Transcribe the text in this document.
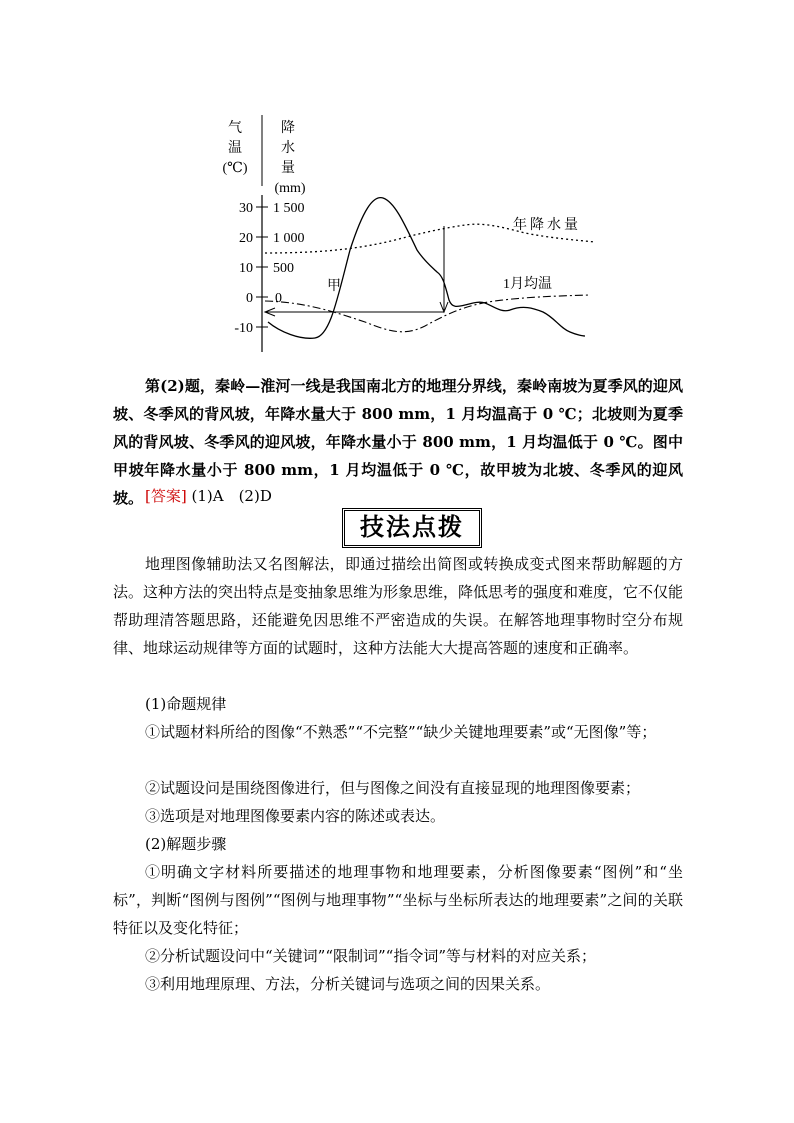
气
温
(℃)
降
水
量
(mm)
30
20
10
0
-10
1 500
1 000
500
0
年降水量
1月均温
甲
第(2)题，秦岭—淮河一线是我国南北方的地理分界线，秦岭南坡为夏季风的迎风坡、冬季风的背风坡，年降水量大于 800 mm，1 月均温高于 0 ℃；北坡则为夏季风的背风坡、冬季风的迎风坡，年降水量小于 800 mm，1 月均温低于 0 ℃。图中甲坡年降水量小于 800 mm，1 月均温低于 0 ℃，故甲坡为北坡、冬季风的迎风坡。 [答案] (1)A　(2)D
技法点拨
地理图像辅助法又名图解法，即通过描绘出简图或转换成变式图来帮助解题的方法。这种方法的突出特点是变抽象思维为形象思维，降低思考的强度和难度，它不仅能帮助理清答题思路，还能避免因思维不严密造成的失误。在解答地理事物时空分布规律、地球运动规律等方面的试题时，这种方法能大大提高答题的速度和正确率。
(1)命题规律
①试题材料所给的图像“不熟悉”“不完整”“缺少关键地理要素”或“无图像”等；
②试题设问是围绕图像进行，但与图像之间没有直接显现的地理图像要素；
③选项是对地理图像要素内容的陈述或表达。
(2)解题步骤
①明确文字材料所要描述的地理事物和地理要素，分析图像要素“图例”和“坐标”，判断“图例与图例”“图例与地理事物”“坐标与坐标所表达的地理要素”之间的关联特征以及变化特征；
②分析试题设问中“关键词”“限制词”“指令词”等与材料的对应关系；
③利用地理原理、方法，分析关键词与选项之间的因果关系。
